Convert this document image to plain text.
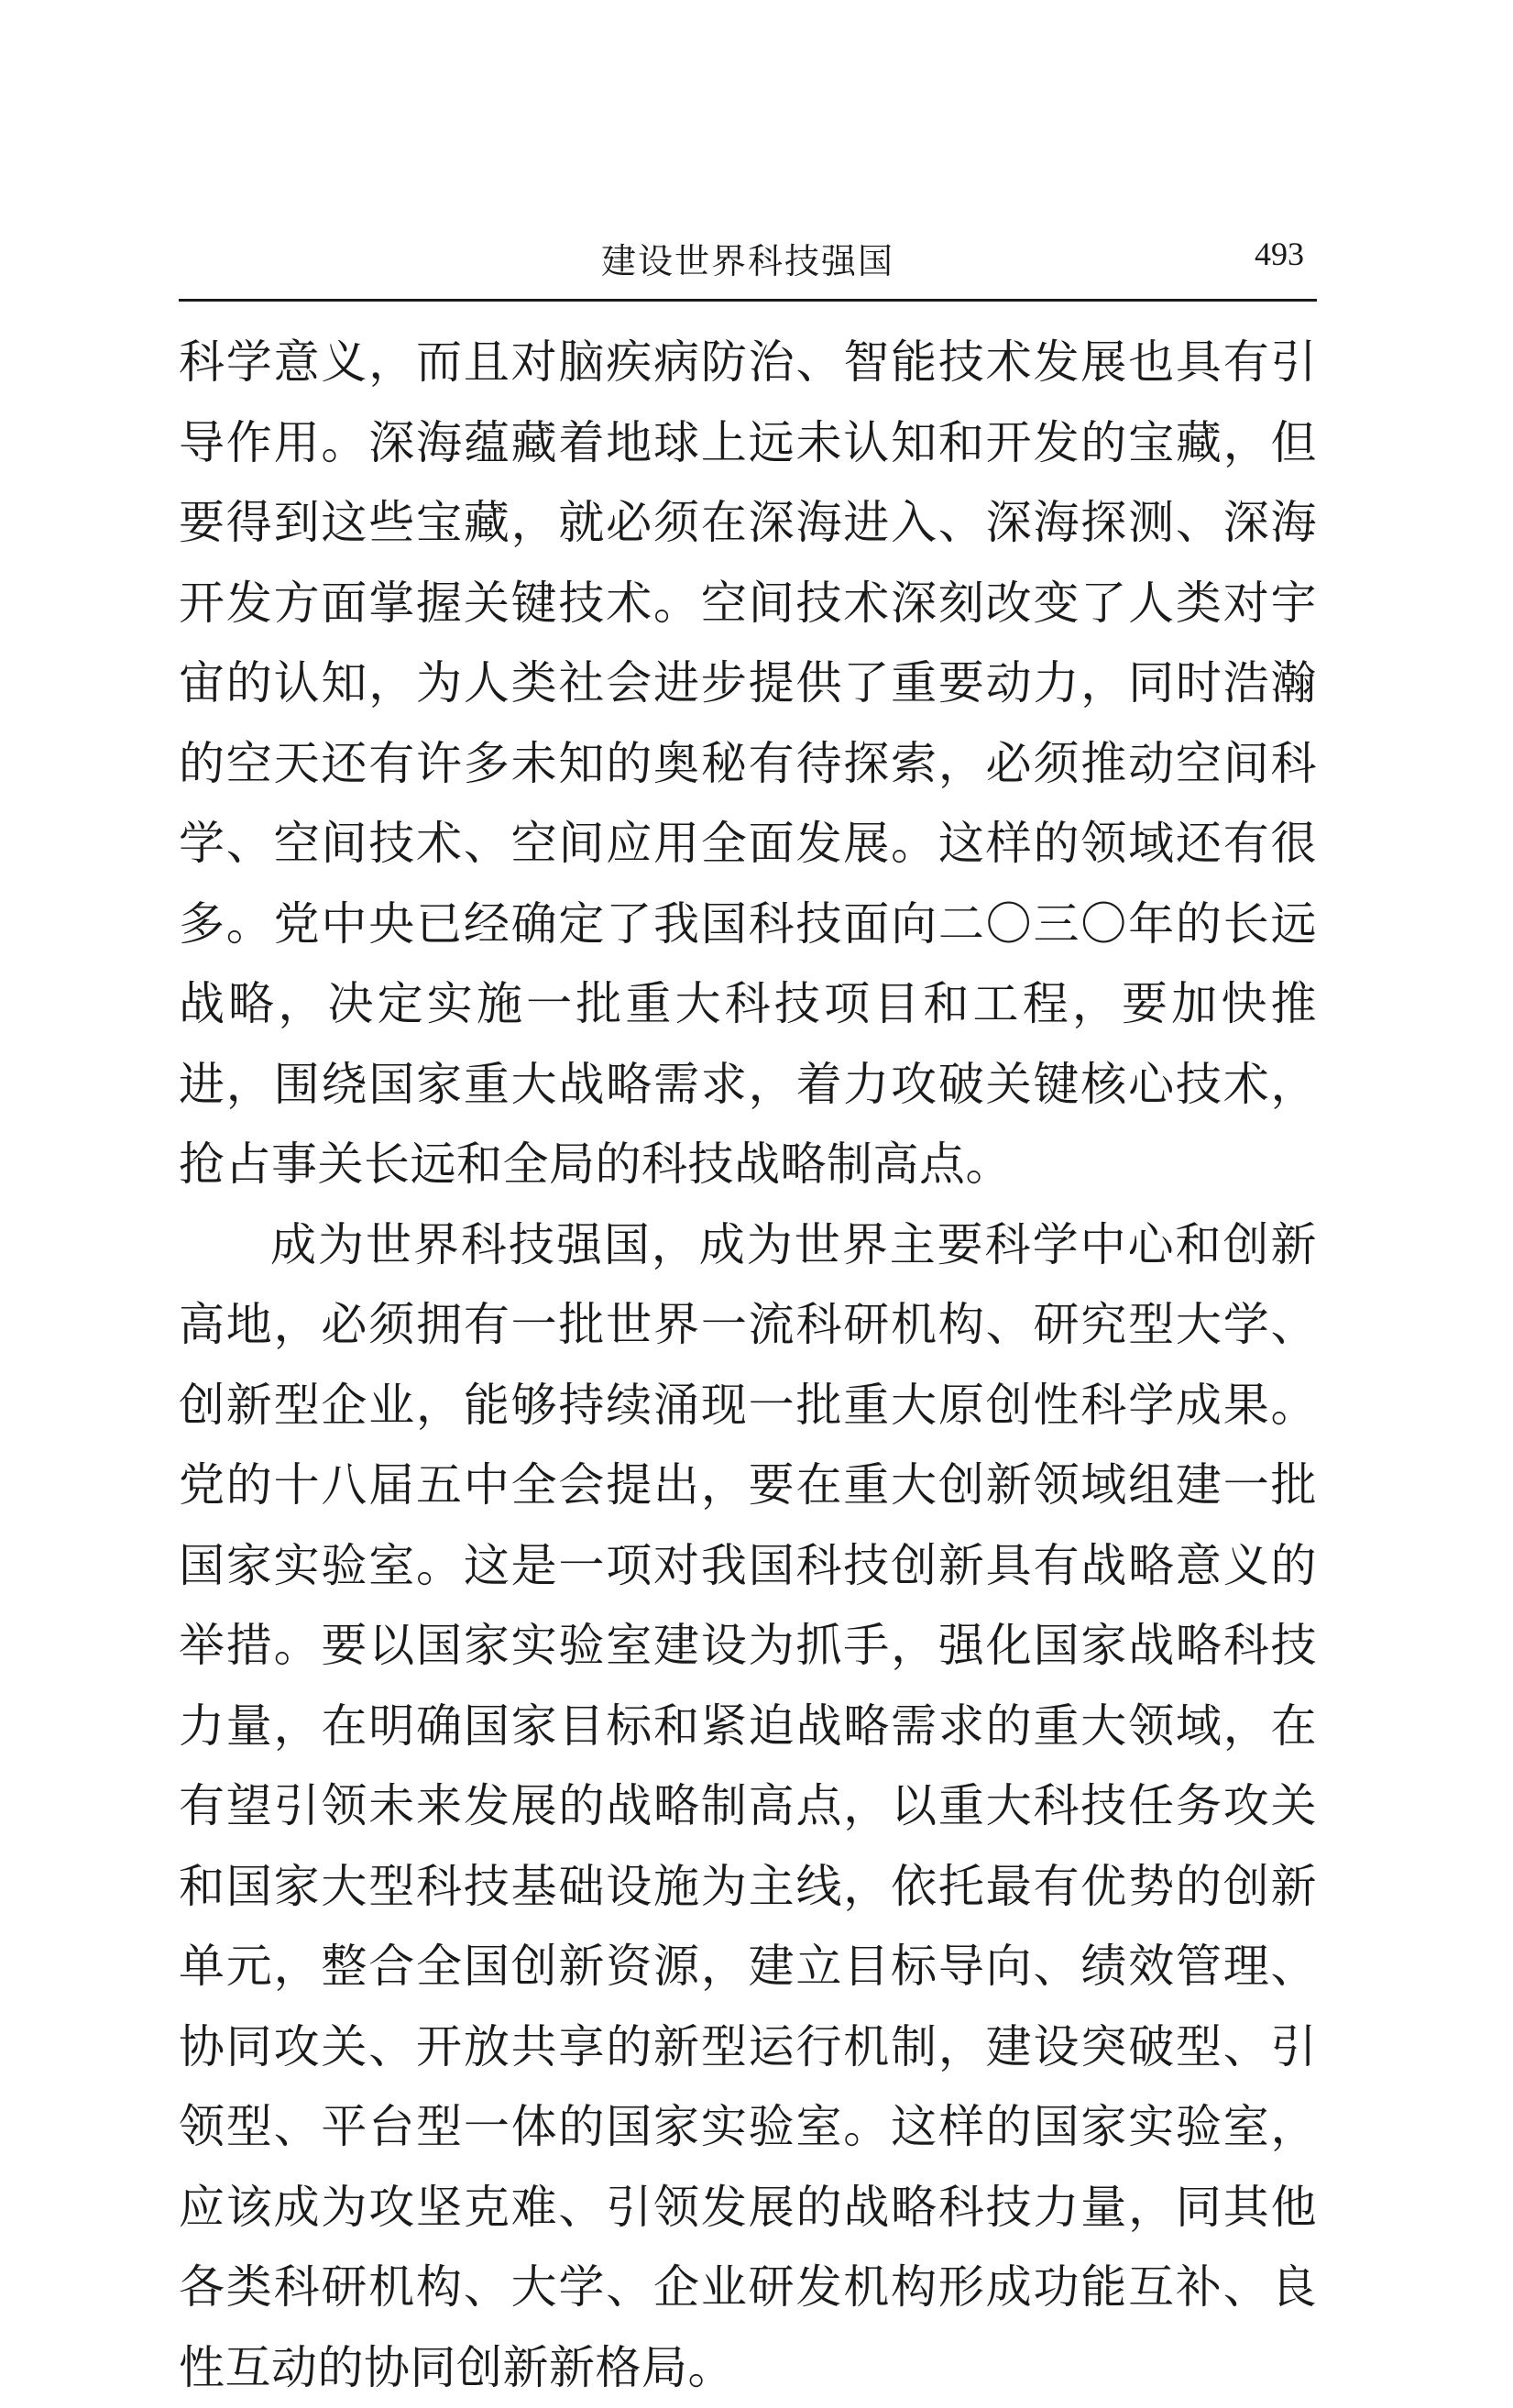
建设世界科技强国	493

科学意义，而且对脑疾病防治、智能技术发展也具有引导作用。深海蕴藏着地球上远未认知和开发的宝藏，但要得到这些宝藏，就必须在深海进入、深海探测、深海开发方面掌握关键技术。空间技术深刻改变了人类对宇宙的认知，为人类社会进步提供了重要动力，同时浩瀚的空天还有许多未知的奥秘有待探索，必须推动空间科学、空间技术、空间应用全面发展。这样的领域还有很多。党中央已经确定了我国科技面向二〇三〇年的长远战略，决定实施一批重大科技项目和工程，要加快推进，围绕国家重大战略需求，着力攻破关键核心技术，抢占事关长远和全局的科技战略制高点。

成为世界科技强国，成为世界主要科学中心和创新高地，必须拥有一批世界一流科研机构、研究型大学、创新型企业，能够持续涌现一批重大原创性科学成果。党的十八届五中全会提出，要在重大创新领域组建一批国家实验室。这是一项对我国科技创新具有战略意义的举措。要以国家实验室建设为抓手，强化国家战略科技力量，在明确国家目标和紧迫战略需求的重大领域，在有望引领未来发展的战略制高点，以重大科技任务攻关和国家大型科技基础设施为主线，依托最有优势的创新单元，整合全国创新资源，建立目标导向、绩效管理、协同攻关、开放共享的新型运行机制，建设突破型、引领型、平台型一体的国家实验室。这样的国家实验室，应该成为攻坚克难、引领发展的战略科技力量，同其他各类科研机构、大学、企业研发机构形成功能互补、良性互动的协同创新新格局。
